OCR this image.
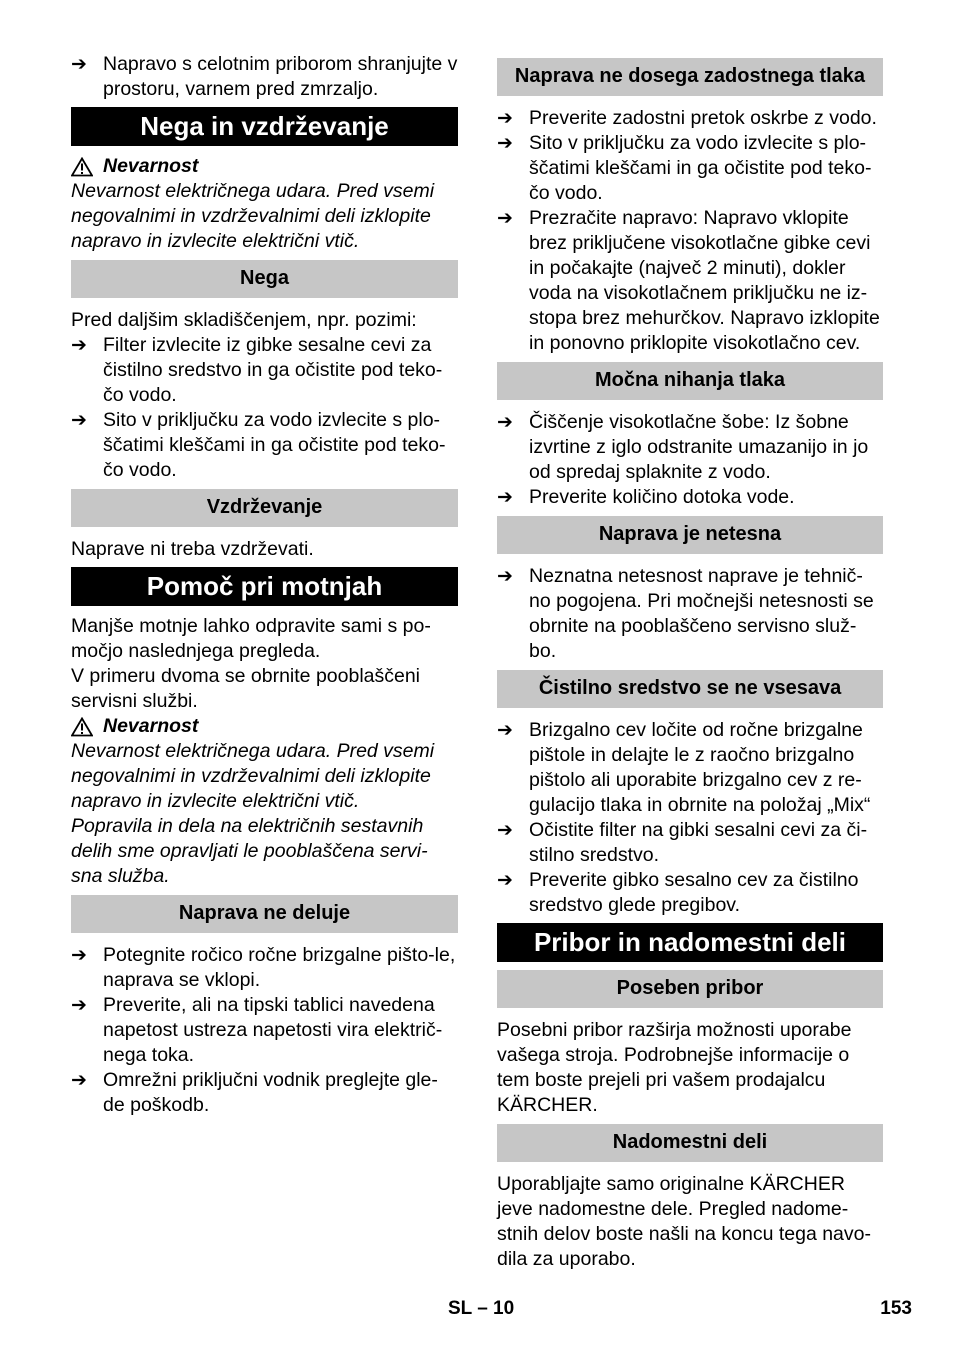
➔ Napravo s celotnim priborom shranjujte v prostoru, varnem pred zmrzaljo.
Nega in vzdrževanje
Nevarnost

Nevarnost električnega udara. Pred vsemi negovalnimi in vzdrževalnimi deli izklopite napravo in izvlecite električni vtič.

Nega

Pred daljšim skladiščenjem, npr. pozimi:

➔ Filter izvlecite iz gibke sesalne cevi za čistilno sredstvo in ga očistite pod teko-čo vodo.
➔ Sito v priključku za vodo izvlecite s plo-ščatimi kleščami in ga očistite pod teko-čo vodo.
Vzdrževanje

Naprave ni treba vzdrževati.

Pomoč pri motnjah

Manjše motnje lahko odpravite sami s po-močjo naslednjega pregleda.

V primeru dvoma se obrnite pooblaščeni servisni službi.

Nevarnost

Nevarnost električnega udara. Pred vsemi negovalnimi in vzdrževalnimi deli izklopite napravo in izvlecite električni vtič.

Popravila in dela na električnih sestavnih delih sme opravljati le pooblaščena servi-sna služba.

Naprava ne deluje
➔ Potegnite ročico ročne brizgalne pišto-le, naprava se vklopi.
➔ Preverite, ali na tipski tablici navedena napetost ustreza napetosti vira električ-nega toka.
➔ Omrežni priključni vodnik preglejte gle-de poškodb.
Naprava ne dosega zadostnega tlaka
➔ Preverite zadostni pretok oskrbe z vodo.
➔ Sito v priključku za vodo izvlecite s plo-ščatimi kleščami in ga očistite pod teko-čo vodo.
➔ Prezračite napravo: Napravo vklopite brez priključene visokotlačne gibke cevi in počakajte (največ 2 minuti), dokler voda na visokotlačnem priključku ne iz-stopa brez mehurčkov. Napravo izklopite in ponovno priklopite visokotlačno cev.
Močna nihanja tlaka
➔ Čiščenje visokotlačne šobe: Iz šobne izvrtine z iglo odstranite umazanijo in jo od spredaj splaknite z vodo.
➔ Preverite količino dotoka vode.
Naprava je netesna
➔ Neznatna netesnost naprave je tehnič-no pogojena. Pri močnejši netesnosti se obrnite na pooblaščeno servisno služ-bo.
Čistilno sredstvo se ne vsesava
➔ Brizgalno cev ločite od ročne brizgalne pištole in delajte le z raočno brizgalno pištolo ali uporabite brizgalno cev z re-gulacijo tlaka in obrnite na položaj „Mix“
➔ Očistite filter na gibki sesalni cevi za či-stilno sredstvo.
➔ Preverite gibko sesalno cev za čistilno sredstvo glede pregibov.
Pribor in nadomestni deli
Poseben pribor

Posebni pribor razširja možnosti uporabe vašega stroja. Podrobnejše informacije o tem boste prejeli pri vašem prodajalcu KÄRCHER.

Nadomestni deli

Uporabljajte samo originalne KÄRCHER jeve nadomestne dele. Pregled nadome-stnih delov boste našli na koncu tega navo-dila za uporabo.

SL – 10	153
